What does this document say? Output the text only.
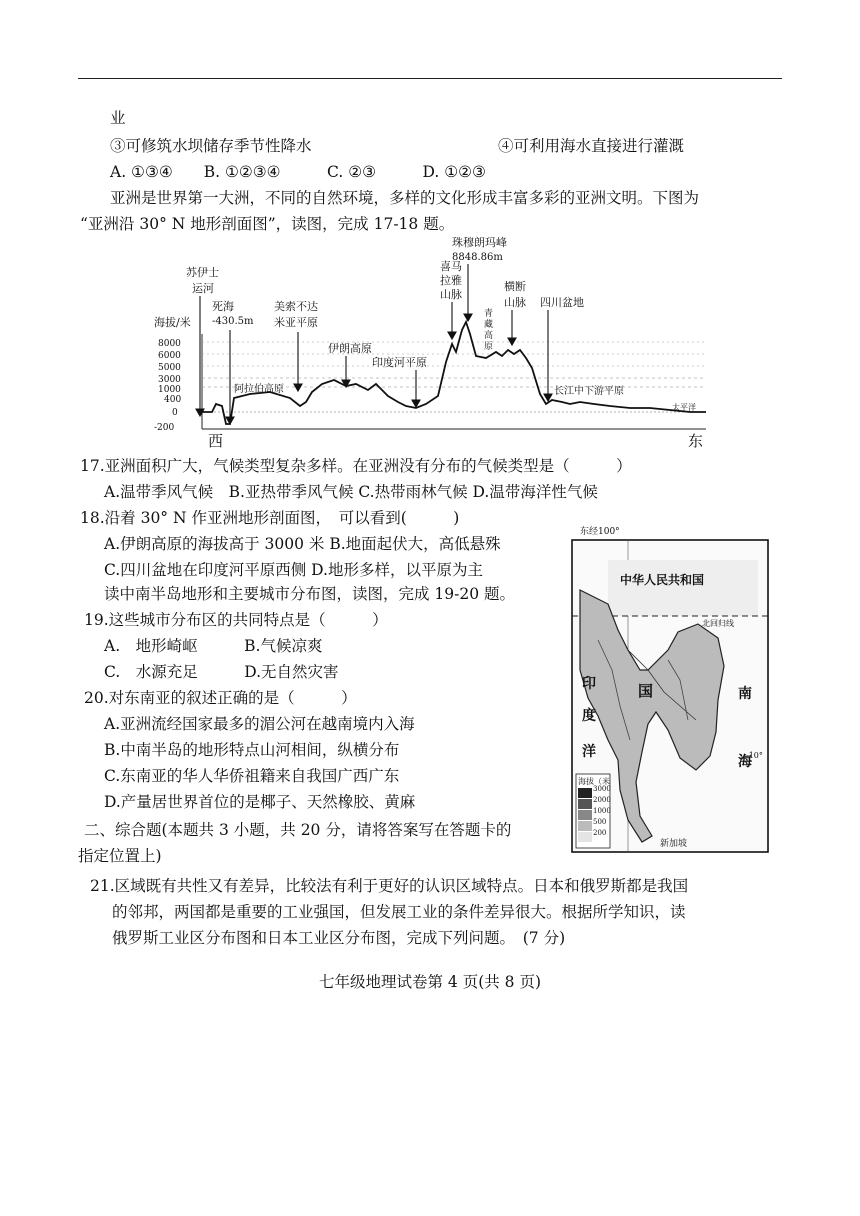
业
③可修筑水坝储存季节性降水	④可利用海水直接进行灌溉
A. ①③④　　B. ①②③④　　　C. ②③　　　D. ①②③
亚洲是世界第一大洲，不同的自然环境，多样的文化形成丰富多彩的亚洲文明。下图为
“亚洲沿 30° N 地形剖面图”，读图，完成 17-18 题。
苏伊士
运河
死海
-430.5m
美索不达
米亚平原
伊朗高原
印度河平原
阿拉伯高原
喜马
拉雅
山脉
珠穆朗玛峰
8848.86m
青
藏
高
原
横断
山脉 四川盆地
长江中下游平原
太平洋
海拔/米
8000
6000
5000
3000
1000
400
0
-200
西	东
17.亚洲面积广大，气候类型复杂多样。在亚洲没有分布的气候类型是（　　　）
A.温带季风气候　B.亚热带季风气候 C.热带雨林气候 D.温带海洋性气候
18.沿着 30° N 作亚洲地形剖面图，　可以看到(　　　)
A.伊朗高原的海拔高于 3000 米 B.地面起伏大，高低悬殊
C.四川盆地在印度河平原西侧 D.地形多样，以平原为主
读中南半岛地形和主要城市分布图，读图，完成 19-20 题。
19.这些城市分布区的共同特点是（　　　）
A.　地形崎岖　　　B.气候凉爽
C.　水源充足　　　D.无自然灾害
20.对东南亚的叙述正确的是（　　　）
A.亚洲流经国家最多的湄公河在越南境内入海
B.中南半岛的地形特点山河相间，纵横分布
C.东南亚的华人华侨祖籍来自我国广西广东
D.产量居世界首位的是椰子、天然橡胶、黄麻
二、综合题(本题共 3 小题，共 20 分，请将答案写在答题卡的
指定位置上)
21.区域既有共性又有差异，比较法有利于更好的认识区域特点。日本和俄罗斯都是我国
的邻邦，两国都是重要的工业强国，但发展工业的条件差异很大。根据所学知识，读
俄罗斯工业区分布图和日本工业区分布图，完成下列问题。　(7 分)
东经100°
中华人民共和国
北回归线
印	国
度
洋
南
海
-10°
海拔（米
3000
2000
1000
500
200
新加坡
七年级地理试卷第 4 页(共 8 页)
